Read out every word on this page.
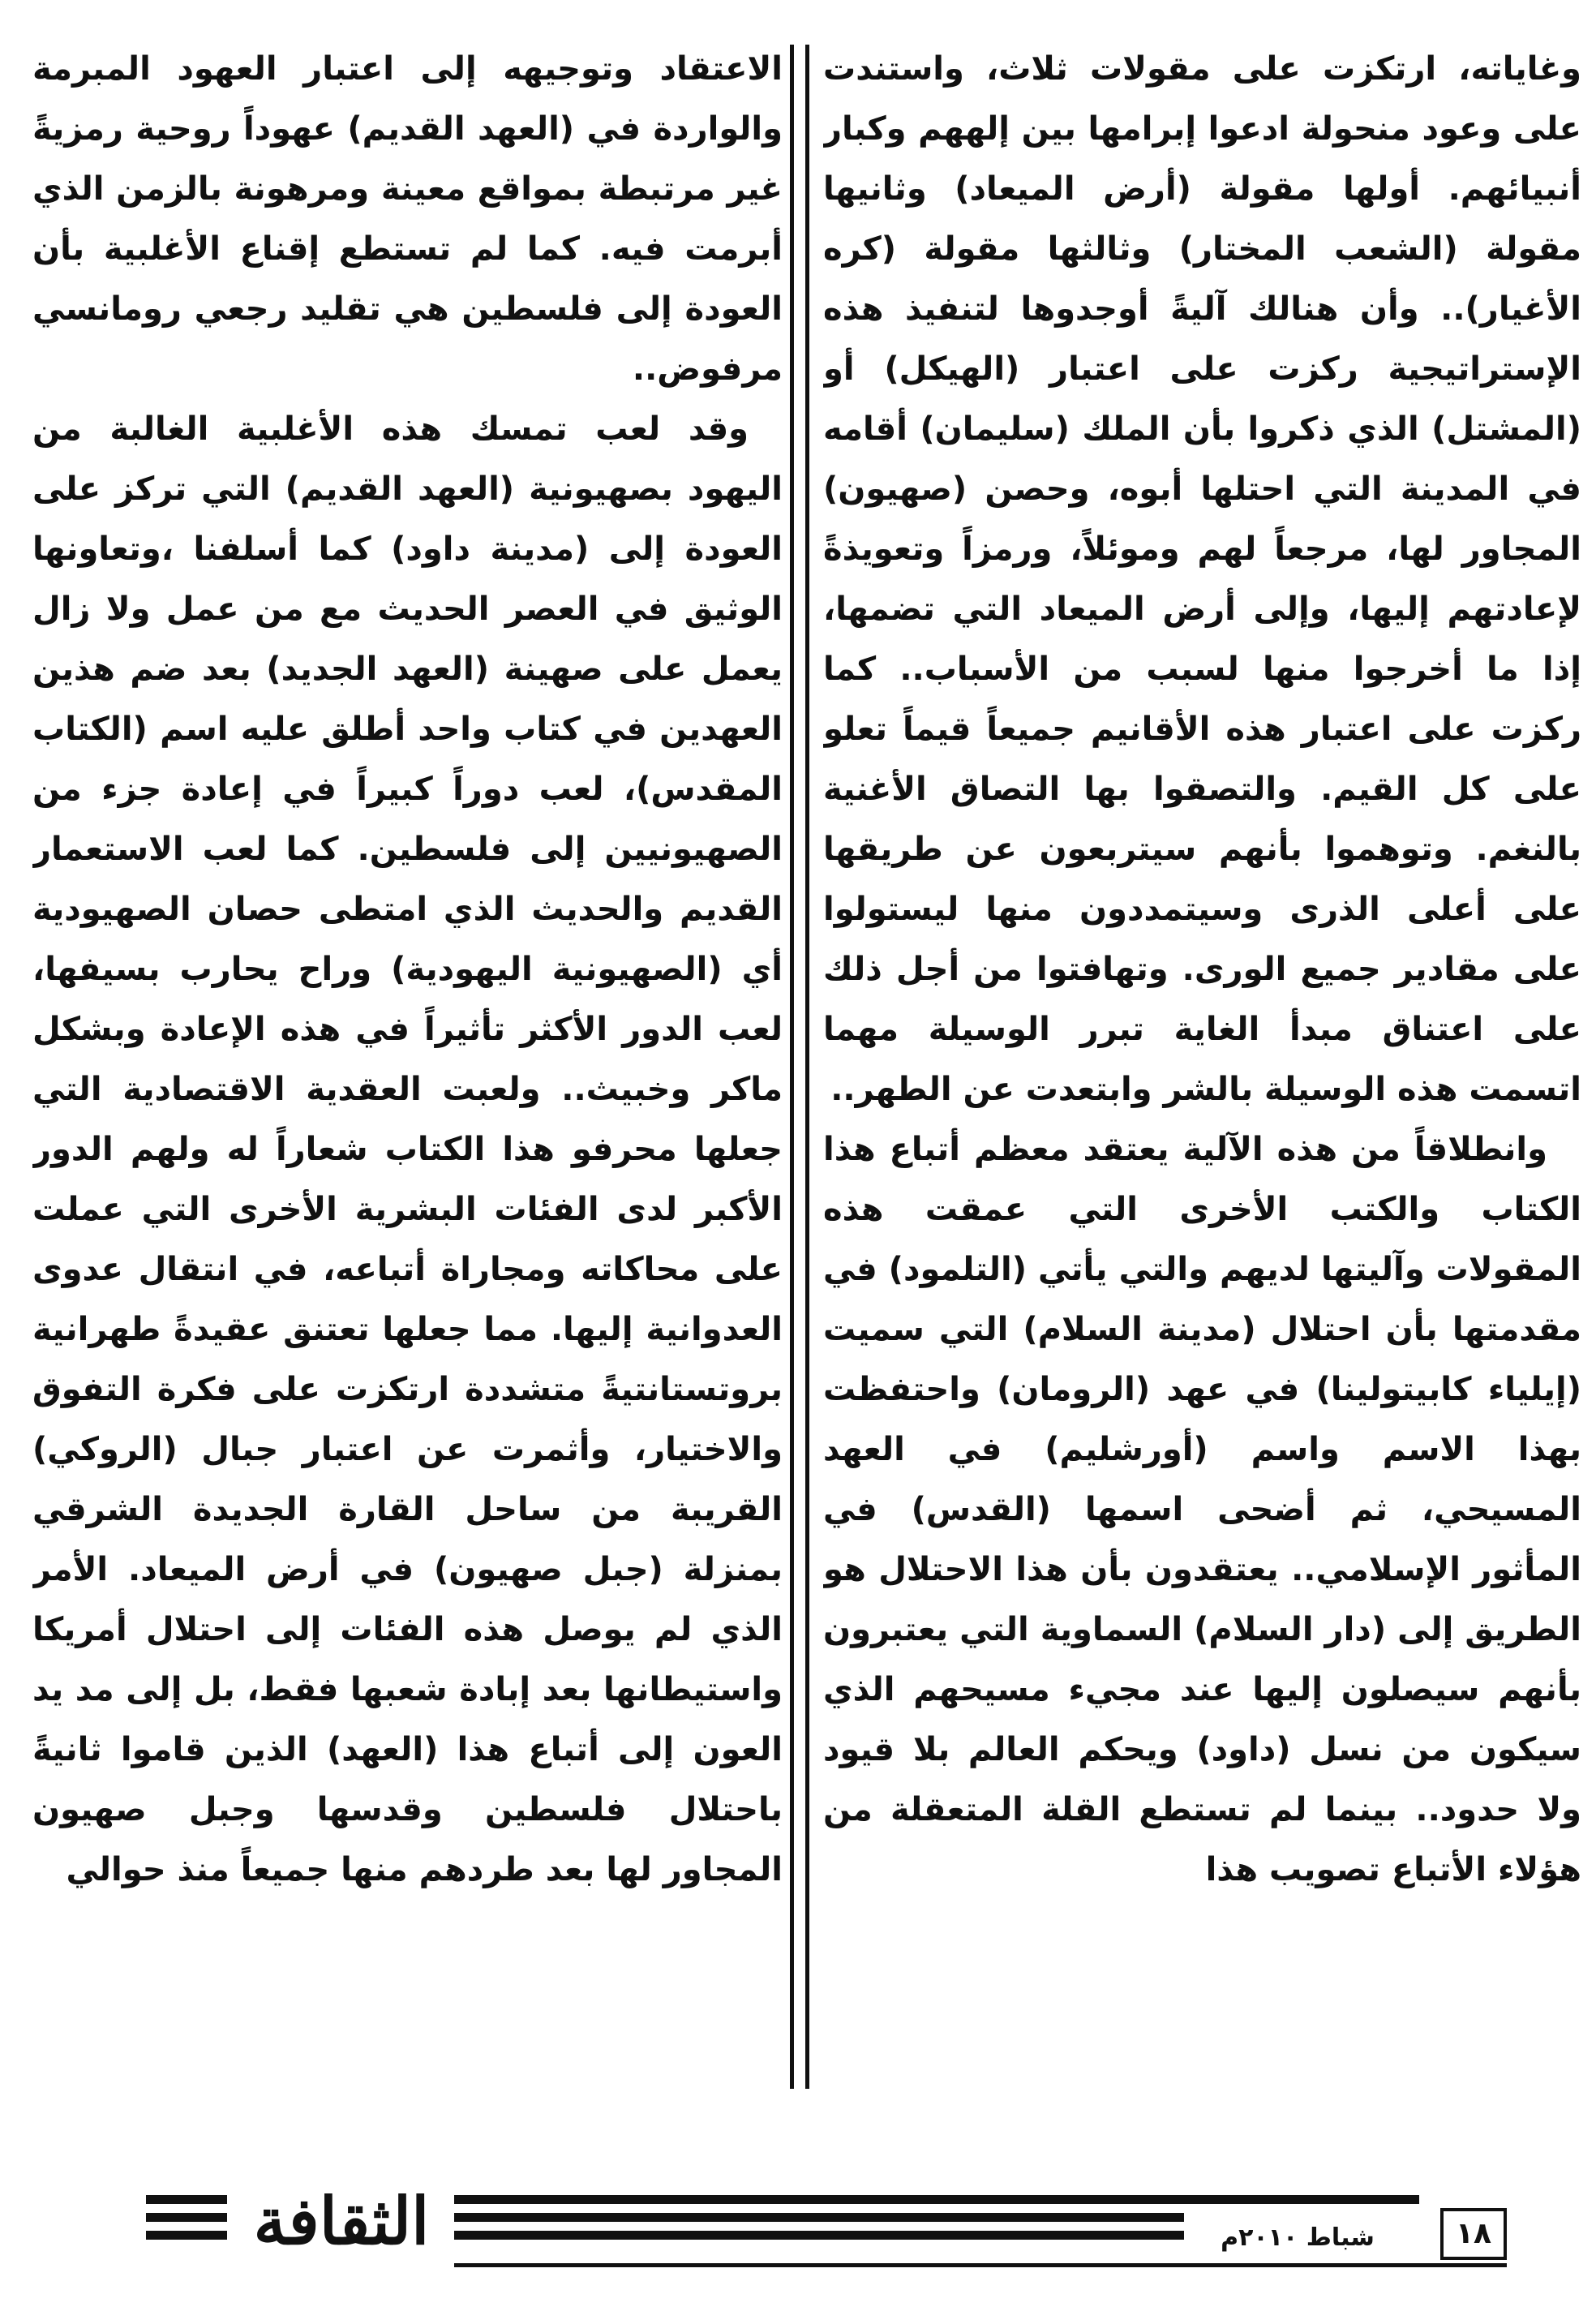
وغاياته، ارتكزت على مقولات ثلاث، واستندت على وعود منحولة ادعوا إبرامها بين إلههم وكبار أنبيائهم. أولها مقولة (أرض الميعاد) وثانيها مقولة (الشعب المختار) وثالثها مقولة (كره الأغيار).. وأن هنالك آليةً أوجدوها لتنفيذ هذه الإستراتيجية ركزت على اعتبار (الهيكل) أو (المشتل) الذي ذكروا بأن الملك (سليمان) أقامه في المدينة التي احتلها أبوه، وحصن (صهيون) المجاور لها، مرجعاً لهم وموئلاً، ورمزاً وتعويذةً لإعادتهم إليها، وإلى أرض الميعاد التي تضمها، إذا ما أخرجوا منها لسبب من الأسباب.. كما ركزت على اعتبار هذه الأقانيم جميعاً قيماً تعلو على كل القيم. والتصقوا بها التصاق الأغنية بالنغم. وتوهموا بأنهم سيتربعون عن طريقها على أعلى الذرى وسيتمددون منها ليستولوا على مقادير جميع الورى. وتهافتوا من أجل ذلك على اعتناق مبدأ الغاية تبرر الوسيلة مهما اتسمت هذه الوسيلة بالشر وابتعدت عن الطهر..

وانطلاقاً من هذه الآلية يعتقد معظم أتباع هذا الكتاب والكتب الأخرى التي عمقت هذه المقولات وآليتها لديهم والتي يأتي (التلمود) في مقدمتها بأن احتلال (مدينة السلام) التي سميت (إيلياء كابيتولينا) في عهد (الرومان) واحتفظت بهذا الاسم واسم (أورشليم) في العهد المسيحي، ثم أضحى اسمها (القدس) في المأثور الإسلامي.. يعتقدون بأن هذا الاحتلال هو الطريق إلى (دار السلام) السماوية التي يعتبرون بأنهم سيصلون إليها عند مجيء مسيحهم الذي سيكون من نسل (داود) ويحكم العالم بلا قيود ولا حدود.. بينما لم تستطع القلة المتعقلة من هؤلاء الأتباع تصويب هذا

الاعتقاد وتوجيهه إلى اعتبار العهود المبرمة والواردة في (العهد القديم) عهوداً روحية رمزيةً غير مرتبطة بمواقع معينة ومرهونة بالزمن الذي أبرمت فيه. كما لم تستطع إقناع الأغلبية بأن العودة إلى فلسطين هي تقليد رجعي رومانسي مرفوض..

وقد لعب تمسك هذه الأغلبية الغالبة من اليهود بصهيونية (العهد القديم) التي تركز على العودة إلى (مدينة داود) كما أسلفنا ،وتعاونها الوثيق في العصر الحديث مع من عمل ولا زال يعمل على صهينة (العهد الجديد) بعد ضم هذين العهدين في كتاب واحد أطلق عليه اسم (الكتاب المقدس)، لعب دوراً كبيراً في إعادة جزء من الصهيونيين إلى فلسطين. كما لعب الاستعمار القديم والحديث الذي امتطى حصان الصهيودية أي (الصهيونية اليهودية) وراح يحارب بسيفها، لعب الدور الأكثر تأثيراً في هذه الإعادة وبشكل ماكر وخبيث.. ولعبت العقدية الاقتصادية التي جعلها محرفو هذا الكتاب شعاراً له ولهم الدور الأكبر لدى الفئات البشرية الأخرى التي عملت على محاكاته ومجاراة أتباعه، في انتقال عدوى العدوانية إليها. مما جعلها تعتنق عقيدةً طهرانية بروتستانتيةً متشددة ارتكزت على فكرة التفوق والاختيار، وأثمرت عن اعتبار جبال (الروكي) القريبة من ساحل القارة الجديدة الشرقي بمنزلة (جبل صهيون) في أرض الميعاد. الأمر الذي لم يوصل هذه الفئات إلى احتلال أمريكا واستيطانها بعد إبادة شعبها فقط، بل إلى مد يد العون إلى أتباع هذا (العهد) الذين قاموا ثانيةً باحتلال فلسطين وقدسها وجبل صهيون المجاور لها بعد طردهم منها جميعاً منذ حوالي

الثقافة	شباط ٢٠١٠م	١٨
